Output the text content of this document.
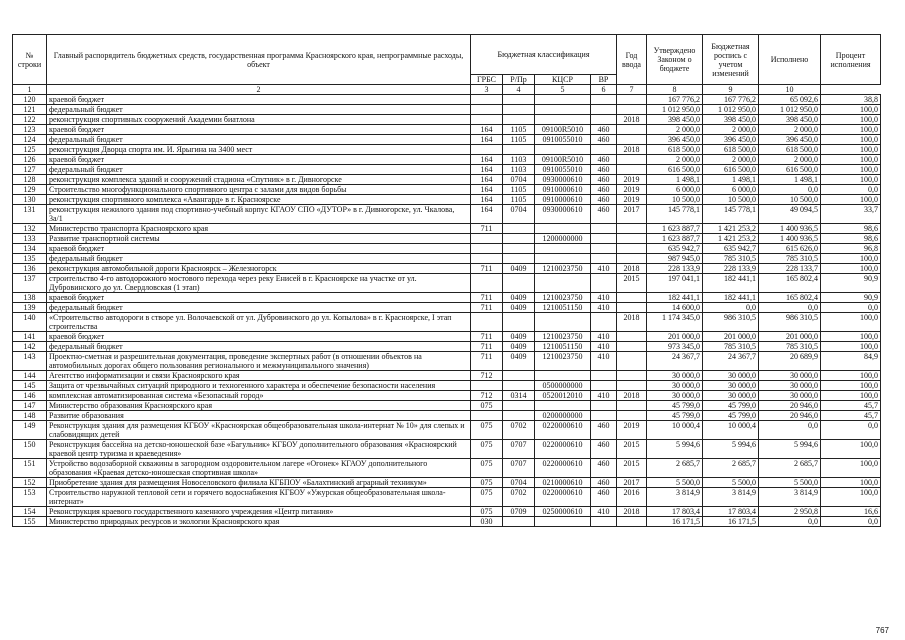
№ строки	Главный распорядитель бюджетных средств, государственная программа Красноярского края, непрограммные расходы, объект	Бюджетная классификация				Год ввода	Утверждено Законом о бюджете	Бюджетная роспись с учетом изменений	Исполнено	Процент исполнения
		ГРБС	Р/Пр	КЦСР	ВР					
1	2	3	4	5	6	7	8	9	10	
120	краевой бюджет						167 776,2	167 776,2	65 092,6	38,8
121	федеральный бюджет						1 012 950,0	1 012 950,0	1 012 950,0	100,0
122	реконструкция спортивных сооружений Академии биатлона					2018	398 450,0	398 450,0	398 450,0	100,0
123	краевой бюджет	164	1105	09100R5010	460		2 000,0	2 000,0	2 000,0	100,0
124	федеральный бюджет	164	1105	0910055010	460		396 450,0	396 450,0	396 450,0	100,0
125	реконструкция Дворца спорта им. И. Ярыгина на 3400 мест					2018	618 500,0	618 500,0	618 500,0	100,0
126	краевой бюджет	164	1103	09100R5010	460		2 000,0	2 000,0	2 000,0	100,0
127	федеральный бюджет	164	1103	0910055010	460		616 500,0	616 500,0	616 500,0	100,0
128	реконструкция комплекса зданий и сооружений стадиона «Спутник» в г. Дивногорске	164	0704	0930000610	460	2019	1 498,1	1 498,1	1 498,1	100,0
129	Строительство многофункционального спортивного центра с залами для видов борьбы	164	1105	0910000610	460	2019	6 000,0	6 000,0	0,0	0,0
130	реконструкция спортивного комплекса «Авангард» в г. Красноярске	164	1105	0910000610	460	2019	10 500,0	10 500,0	10 500,0	100,0
131	реконструкция нежилого здания под спортивно-учебный корпус КГАОУ СПО «ДУТОР» в г. Дивногорске, ул. Чкалова, 3а/1	164	0704	0930000610	460	2017	145 778,1	145 778,1	49 094,5	33,7
132	Министерство транспорта Красноярского края	711					1 623 887,7	1 421 253,2	1 400 936,5	98,6
133	Развитие транспортной системы			1200000000			1 623 887,7	1 421 253,2	1 400 936,5	98,6
134	краевой бюджет						635 942,7	635 942,7	615 626,0	96,8
135	федеральный бюджет						987 945,0	785 310,5	785 310,5	100,0
136	реконструкция автомобильной дороги Красноярск – Железногорск	711	0409	1210023750	410	2018	228 133,9	228 133,9	228 133,7	100,0
137	строительство 4-го автодорожного мостового перехода через реку Енисей в г. Красноярске на участке от ул. Дубровинского до ул. Свердловская (1 этап)					2015	197 041,1	182 441,1	165 802,4	90,9
138	краевой бюджет	711	0409	1210023750	410		182 441,1	182 441,1	165 802,4	90,9
139	федеральный бюджет	711	0409	1210051150	410		14 600,0	0,0	0,0	0,0
140	«Строительство автодороги в створе ул. Волочаевской от ул. Дубровинского до ул. Копылова» в г. Красноярске, I этап строительства					2018	1 174 345,0	986 310,5	986 310,5	100,0
141	краевой бюджет	711	0409	1210023750	410		201 000,0	201 000,0	201 000,0	100,0
142	федеральный бюджет	711	0409	1210051150	410		973 345,0	785 310,5	785 310,5	100,0
143	Проектно-сметная и разрешительная документация, проведение экспертных работ (в отношении объектов на автомобильных дорогах общего пользования регионального и межмуниципального значения)	711	0409	1210023750	410		24 367,7	24 367,7	20 689,9	84,9
144	Агентство информатизации и связи Красноярского края	712					30 000,0	30 000,0	30 000,0	100,0
145	Защита от чрезвычайных ситуаций природного и техногенного характера и обеспечение безопасности населения			0500000000			30 000,0	30 000,0	30 000,0	100,0
146	комплексная автоматизированная система «Безопасный город»	712	0314	0520012010	410	2018	30 000,0	30 000,0	30 000,0	100,0
147	Министерство образования Красноярского края	075					45 799,0	45 799,0	20 946,0	45,7
148	Развитие образования			0200000000			45 799,0	45 799,0	20 946,0	45,7
149	Реконструкция здания для размещения КГБОУ «Красноярская общеобразовательная школа-интернат № 10» для слепых и слабовидящих детей	075	0702	0220000610	460	2019	10 000,4	10 000,4	0,0	0,0
150	Реконструкция бассейна на детско-юношеской базе «Багульник» КГБОУ дополнительного образования «Красноярский краевой центр туризма и краеведения»	075	0707	0220000610	460	2015	5 994,6	5 994,6	5 994,6	100,0
151	Устройство водозаборной скважины в загородном оздоровительном лагере «Огонек» КГАОУ дополнительного образования «Краевая детско-юношеская спортивная школа»	075	0707	0220000610	460	2015	2 685,7	2 685,7	2 685,7	100,0
152	Приобретение здания для размещения Новоселовского филиала КГБПОУ «Балахтинский аграрный техникум»	075	0704	0210000610	460	2017	5 500,0	5 500,0	5 500,0	100,0
153	Строительство наружной тепловой сети и горячего водоснабжения КГБОУ «Ужурская общеобразовательная школа-интернат»	075	0702	0220000610	460	2016	3 814,9	3 814,9	3 814,9	100,0
154	Реконструкция краевого государственного казенного учреждения «Центр питания»	075	0709	0250000610	410	2018	17 803,4	17 803,4	2 950,8	16,6
155	Министерство природных ресурсов и экологии Красноярского края	030					16 171,5	16 171,5	0,0	0,0
767
